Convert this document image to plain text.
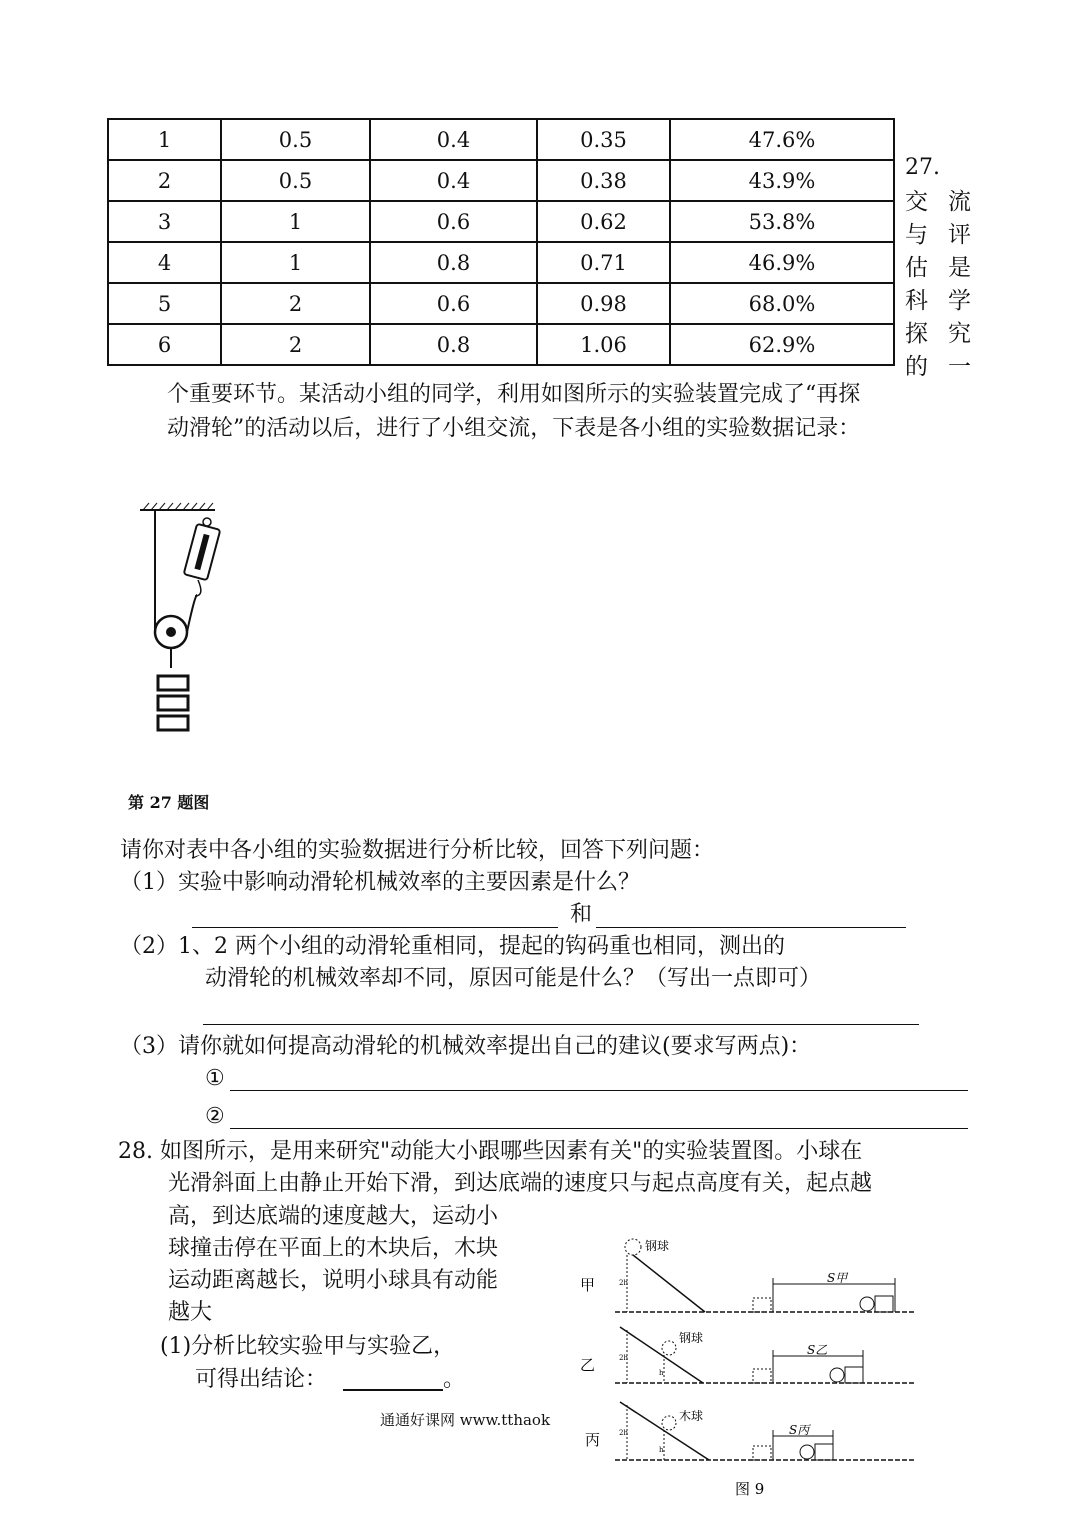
1	0.5	0.4	0.35	47.6%
2	0.5	0.4	0.38	43.9%
3	1	0.6	0.62	53.8%
4	1	0.8	0.71	46.9%
5	2	0.6	0.98	68.0%
6	2	0.8	1.06	62.9%
27.
交 流
与 评
估 是
科 学
探 究
的 一
个重要环节。某活动小组的同学，利用如图所示的实验装置完成了“再探
动滑轮”的活动以后，进行了小组交流，下表是各小组的实验数据记录：
第 27 题图
请你对表中各小组的实验数据进行分析比较，回答下列问题：
（1）实验中影响动滑轮机械效率的主要因素是什么？
和
（2）1、2 两个小组的动滑轮重相同，提起的钩码重也相同，测出的
动滑轮的机械效率却不同，原因可能是什么？（写出一点即可）
（3）请你就如何提高动滑轮的机械效率提出自己的建议(要求写两点)：
①
②
28. 如图所示，是用来研究"动能大小跟哪些因素有关"的实验装置图。小球在
光滑斜面上由静止开始下滑，到达底端的速度只与起点高度有关，起点越
高，到达底端的速度越大，运动小
球撞击停在平面上的木块后，木块
运动距离越长，说明小球具有动能
越大
(1)分析比较实验甲与实验乙，
可得出结论：	。
通通好课网 www.tthaok
甲
钢球
2h	S甲
乙
钢球
2h
h
S乙
丙
木球
2h
h
S丙
图 9
